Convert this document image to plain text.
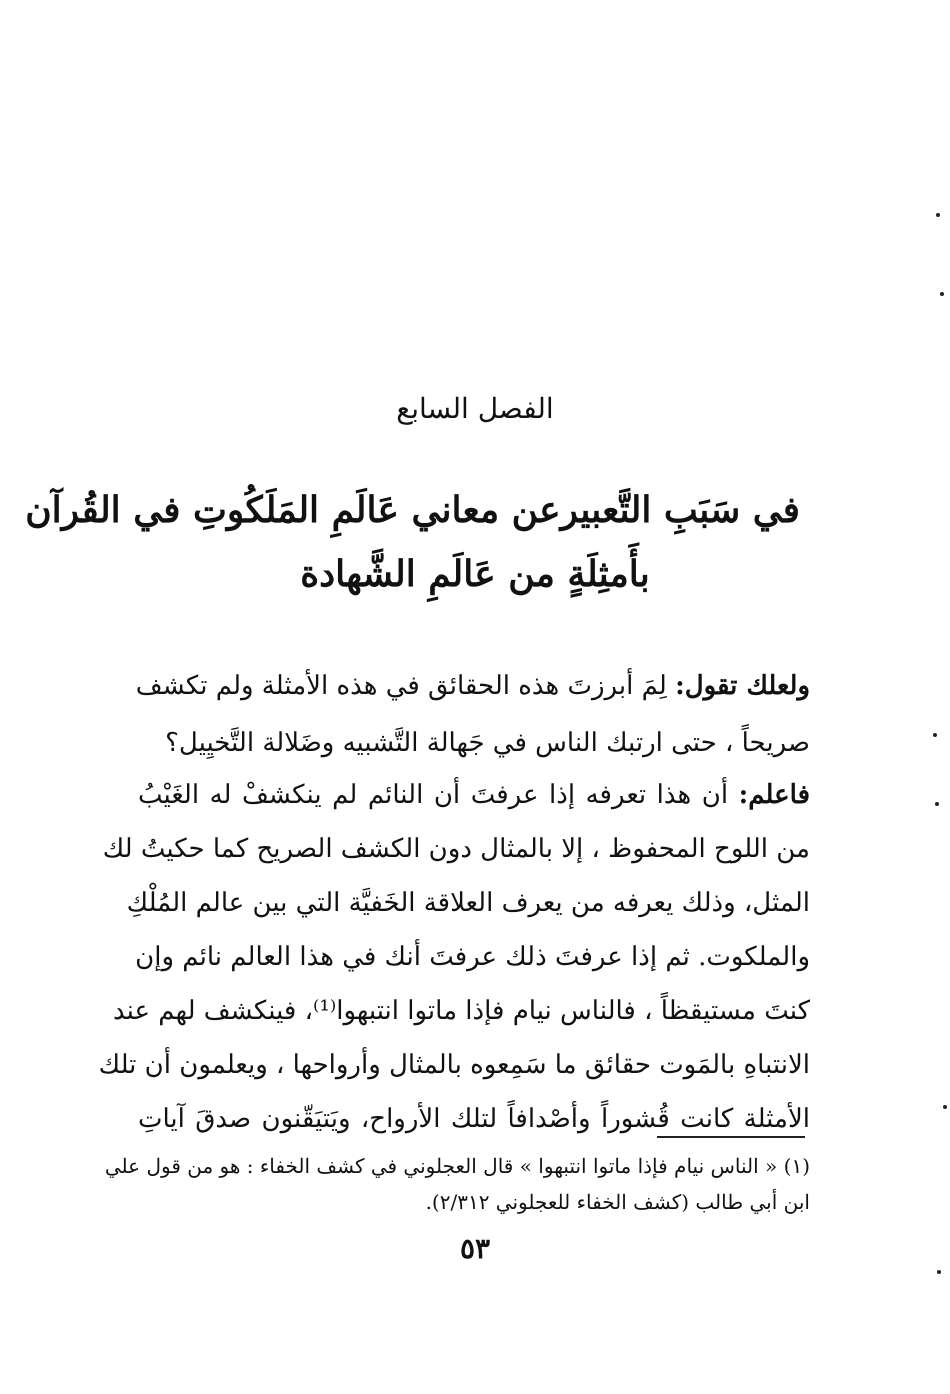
الفصل السابع
في سَبَبِ التَّعبيرعن معاني عَالَمِ المَلَكُوتِ في القُرآن
بأَمثِلَةٍ من عَالَمِ الشَّهادة
ولعلك تقول: لِمَ أبرزتَ هذه الحقائق في هذه الأمثلة ولم تكشف
صريحاً ، حتى ارتبك الناس في جَهالة التَّشبيه وضَلالة التَّخيِيل؟
فاعلم: أن هذا تعرفه إذا عرفتَ أن النائم لم ينكشفْ له الغَيْبُ
من اللوح المحفوظ ، إلا بالمثال دون الكشف الصريح كما حكيتُ لك
المثل، وذلك يعرفه من يعرف العلاقة الخَفيَّة التي بين عالم المُلْكِ
والملكوت. ثم إذا عرفتَ ذلك عرفتَ أنك في هذا العالم نائم وإن
كنتَ مستيقظاً ، فالناس نيام فإذا ماتوا انتبهوا⁽¹⁾، فينكشف لهم عند
الانتباهِ بالمَوت حقائق ما سَمِعوه بالمثال وأرواحها ، ويعلمون أن تلك
الأمثلة كانت قُشوراً وأصْدافاً لتلك الأرواح، ويَتيَقّنون صدقَ آياتِ
(١) « الناس نيام فإذا ماتوا انتبهوا » قال العجلوني في كشف الخفاء : هو من قول علي
ابن أبي طالب (كشف الخفاء للعجلوني ٢/٣١٢).
٥٣
